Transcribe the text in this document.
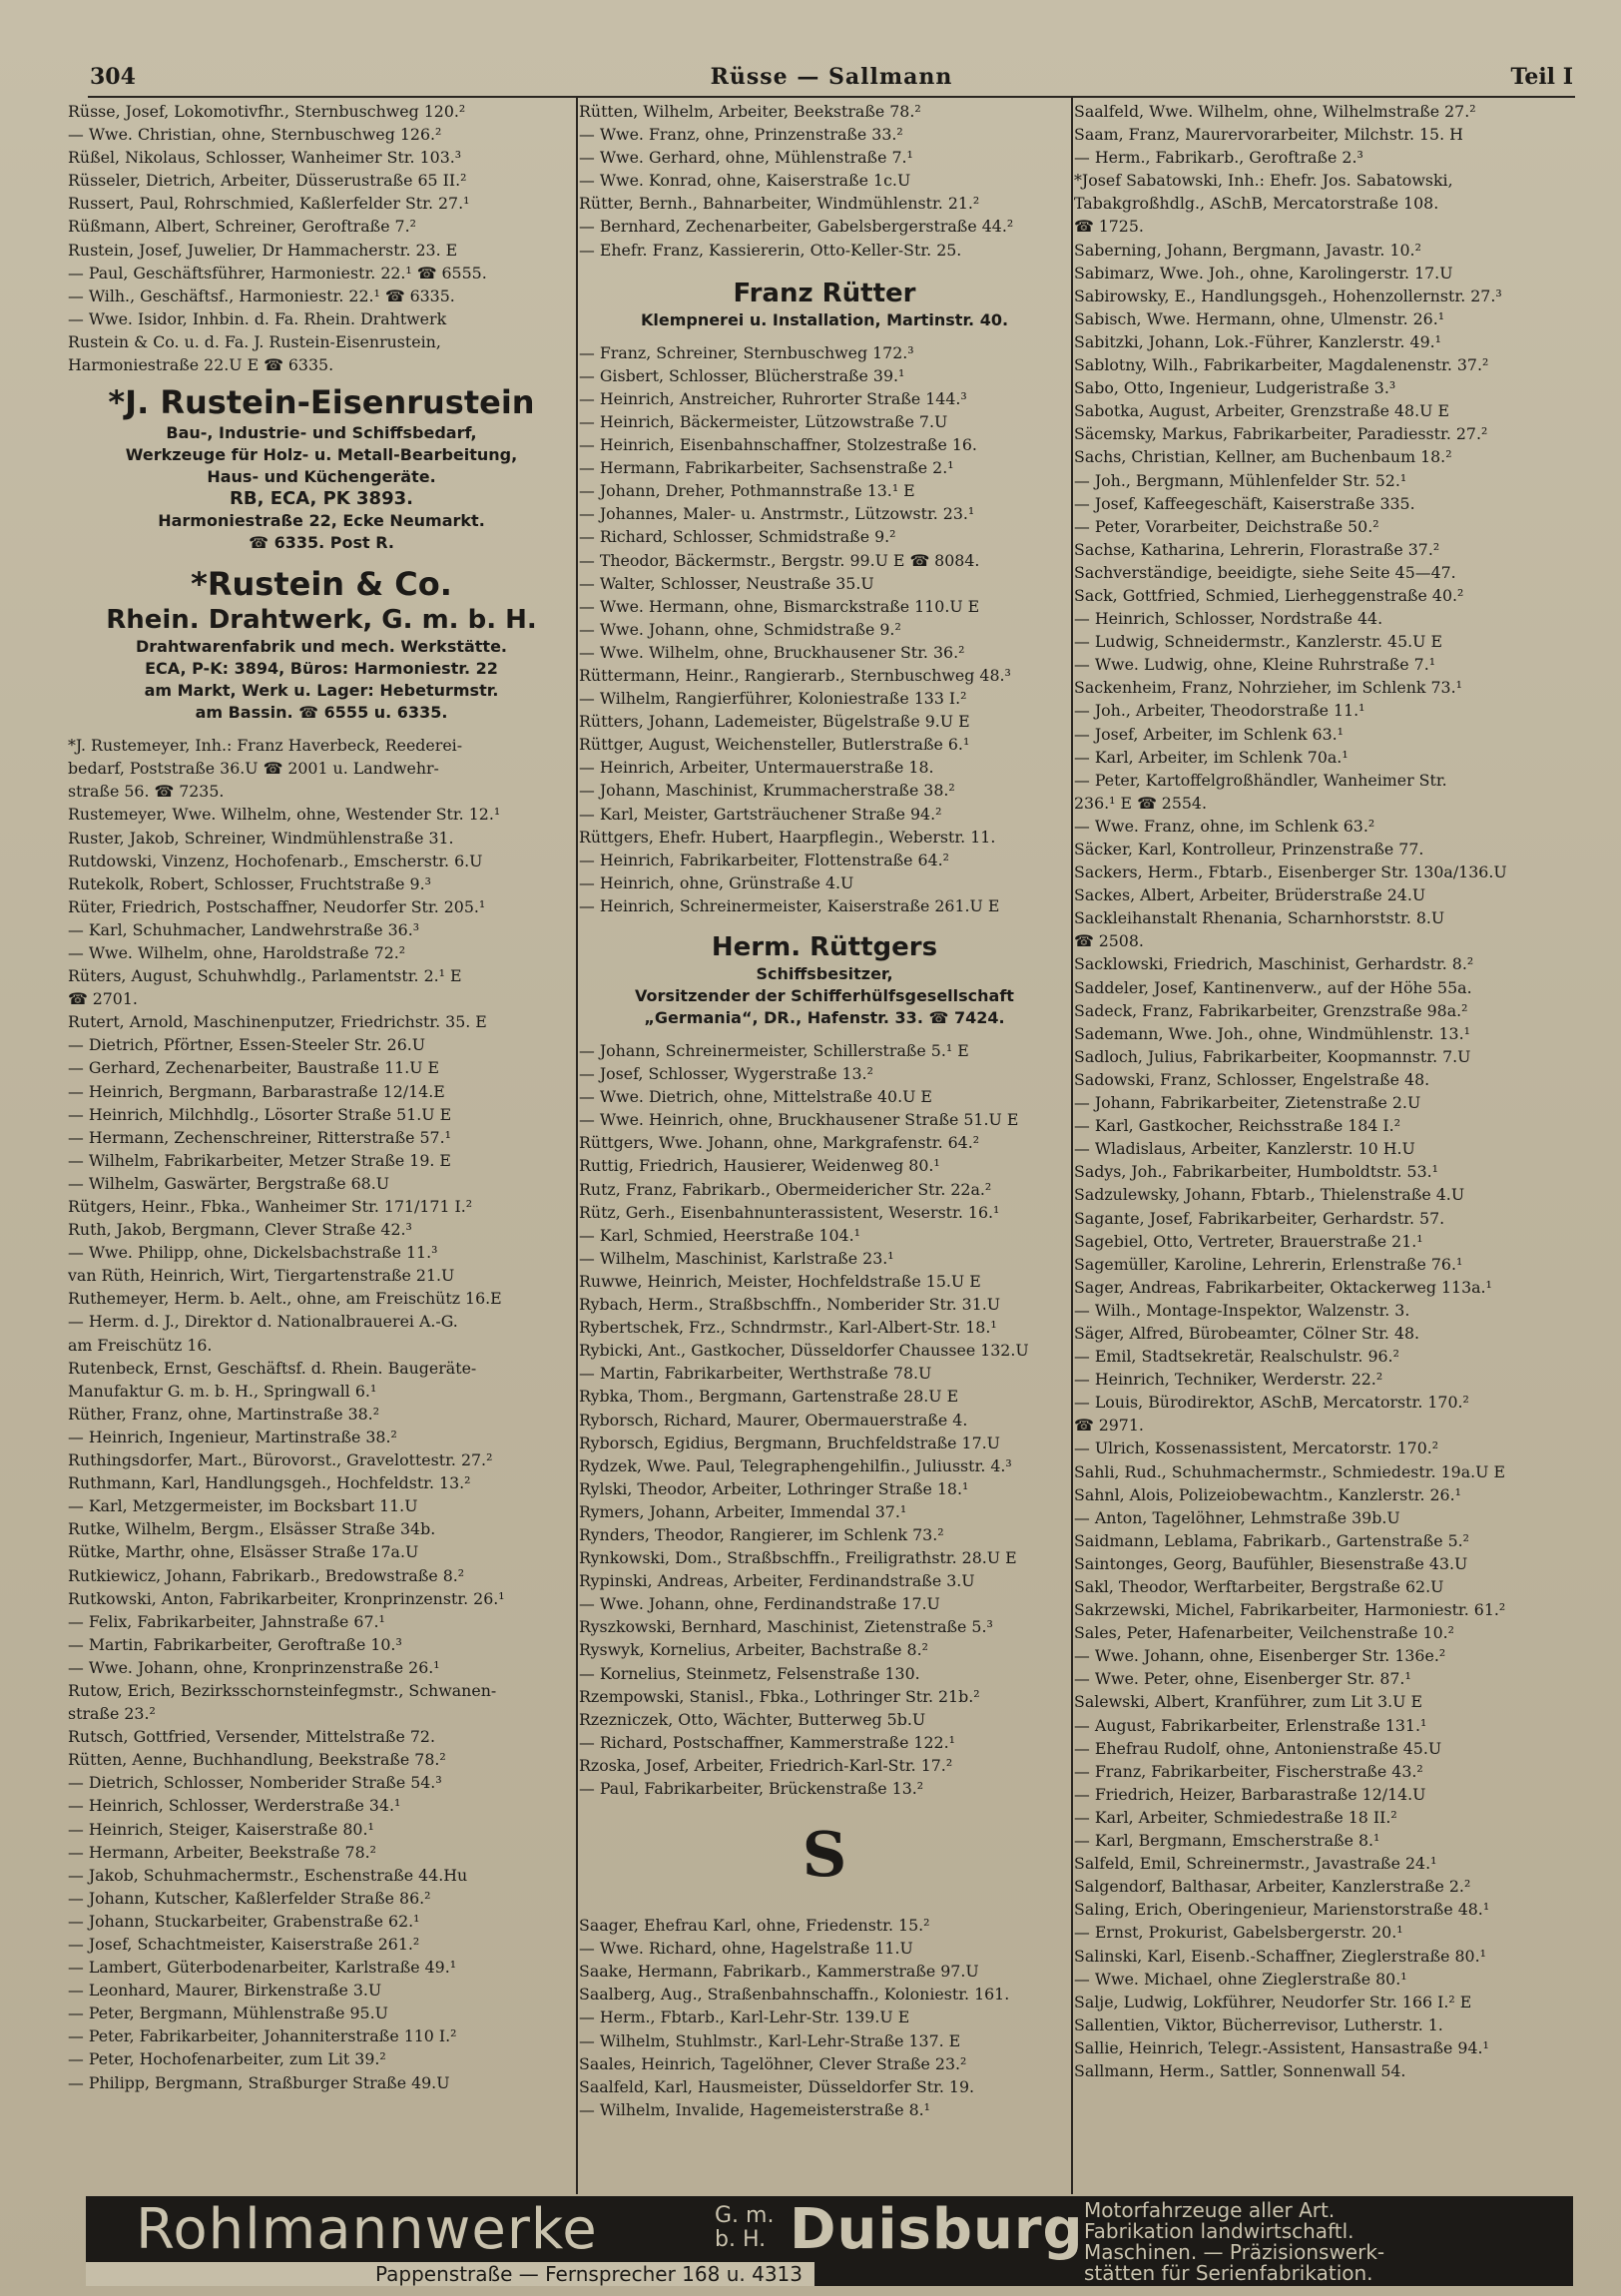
304	Rüsse — Sallmann	Teil I
Rüsse, Josef, Lokomotivfhr., Sternbuschweg 120.²
— Wwe. Christian, ohne, Sternbuschweg 126.²
Rüßel, Nikolaus, Schlosser, Wanheimer Str. 103.³
Rüsseler, Dietrich, Arbeiter, Düsserustraße 65 II.²
Russert, Paul, Rohrschmied, Kaßlerfelder Str. 27.¹
Rüßmann, Albert, Schreiner, Geroftraße 7.²
Rustein, Josef, Juwelier, Dr Hammacherstr. 23. E
— Paul, Geschäftsführer, Harmoniestr. 22.¹ ☎ 6555.
— Wilh., Geschäftsf., Harmoniestr. 22.¹ ☎ 6335.
— Wwe. Isidor, Inhbin. d. Fa. Rhein. Drahtwerk
Rustein & Co. u. d. Fa. J. Rustein-Eisenrustein,
Harmoniestraße 22.U E ☎ 6335.
*J. Rustein-Eisenrustein
Bau-, Industrie- und Schiffsbedarf,
Werkzeuge für Holz- u. Metall-Bearbeitung,
Haus- und Küchengeräte.
RB, ECA, PK 3893.
Harmoniestraße 22, Ecke Neumarkt.
☎ 6335. Post R.
*Rustein & Co.
Rhein. Drahtwerk, G. m. b. H.
Drahtwarenfabrik und mech. Werkstätte.
ECA, P-K: 3894, Büros: Harmoniestr. 22
am Markt, Werk u. Lager: Hebeturmstr.
am Bassin. ☎ 6555 u. 6335.
*J. Rustemeyer, Inh.: Franz Haverbeck, Reederei-
bedarf, Poststraße 36.U ☎ 2001 u. Landwehr-
straße 56. ☎ 7235.
Rustemeyer, Wwe. Wilhelm, ohne, Westender Str. 12.¹
Ruster, Jakob, Schreiner, Windmühlenstraße 31.
Rutdowski, Vinzenz, Hochofenarb., Emscherstr. 6.U
Rutekolk, Robert, Schlosser, Fruchtstraße 9.³
Rüter, Friedrich, Postschaffner, Neudorfer Str. 205.¹
— Karl, Schuhmacher, Landwehrstraße 36.³
— Wwe. Wilhelm, ohne, Haroldstraße 72.²
Rüters, August, Schuhwhdlg., Parlamentstr. 2.¹ E
☎ 2701.
Rutert, Arnold, Maschinenputzer, Friedrichstr. 35. E
— Dietrich, Pförtner, Essen-Steeler Str. 26.U
— Gerhard, Zechenarbeiter, Baustraße 11.U E
— Heinrich, Bergmann, Barbarastraße 12/14.E
— Heinrich, Milchhdlg., Lösorter Straße 51.U E
— Hermann, Zechenschreiner, Ritterstraße 57.¹
— Wilhelm, Fabrikarbeiter, Metzer Straße 19. E
— Wilhelm, Gaswärter, Bergstraße 68.U
Rütgers, Heinr., Fbka., Wanheimer Str. 171/171 I.²
Ruth, Jakob, Bergmann, Clever Straße 42.³
— Wwe. Philipp, ohne, Dickelsbachstraße 11.³
van Rüth, Heinrich, Wirt, Tiergartenstraße 21.U
Ruthemeyer, Herm. b. Aelt., ohne, am Freischütz 16.E
— Herm. d. J., Direktor d. Nationalbrauerei A.-G.
am Freischütz 16.
Rutenbeck, Ernst, Geschäftsf. d. Rhein. Baugeräte-
Manufaktur G. m. b. H., Springwall 6.¹
Rüther, Franz, ohne, Martinstraße 38.²
— Heinrich, Ingenieur, Martinstraße 38.²
Ruthingsdorfer, Mart., Bürovorst., Gravelottestr. 27.²
Ruthmann, Karl, Handlungsgeh., Hochfeldstr. 13.²
— Karl, Metzgermeister, im Bocksbart 11.U
Rutke, Wilhelm, Bergm., Elsässer Straße 34b.
Rütke, Marthr, ohne, Elsässer Straße 17a.U
Rutkiewicz, Johann, Fabrikarb., Bredowstraße 8.²
Rutkowski, Anton, Fabrikarbeiter, Kronprinzenstr. 26.¹
— Felix, Fabrikarbeiter, Jahnstraße 67.¹
— Martin, Fabrikarbeiter, Geroftraße 10.³
— Wwe. Johann, ohne, Kronprinzenstraße 26.¹
Rutow, Erich, Bezirksschornsteinfegmstr., Schwanen-
straße 23.²
Rutsch, Gottfried, Versender, Mittelstraße 72.
Rütten, Aenne, Buchhandlung, Beekstraße 78.²
— Dietrich, Schlosser, Nomberider Straße 54.³
— Heinrich, Schlosser, Werderstraße 34.¹
— Heinrich, Steiger, Kaiserstraße 80.¹
— Hermann, Arbeiter, Beekstraße 78.²
— Jakob, Schuhmachermstr., Eschenstraße 44.Hu
— Johann, Kutscher, Kaßlerfelder Straße 86.²
— Johann, Stuckarbeiter, Grabenstraße 62.¹
— Josef, Schachtmeister, Kaiserstraße 261.²
— Lambert, Güterbodenarbeiter, Karlstraße 49.¹
— Leonhard, Maurer, Birkenstraße 3.U
— Peter, Bergmann, Mühlenstraße 95.U
— Peter, Fabrikarbeiter, Johanniterstraße 110 I.²
— Peter, Hochofenarbeiter, zum Lit 39.²
— Philipp, Bergmann, Straßburger Straße 49.U
Rütten, Wilhelm, Arbeiter, Beekstraße 78.²
— Wwe. Franz, ohne, Prinzenstraße 33.²
— Wwe. Gerhard, ohne, Mühlenstraße 7.¹
— Wwe. Konrad, ohne, Kaiserstraße 1c.U
Rütter, Bernh., Bahnarbeiter, Windmühlenstr. 21.²
— Bernhard, Zechenarbeiter, Gabelsbergerstraße 44.²
— Ehefr. Franz, Kassiererin, Otto-Keller-Str. 25.
Franz Rütter
Klempnerei u. Installation, Martinstr. 40.
— Franz, Schreiner, Sternbuschweg 172.³
— Gisbert, Schlosser, Blücherstraße 39.¹
— Heinrich, Anstreicher, Ruhrorter Straße 144.³
— Heinrich, Bäckermeister, Lützowstraße 7.U
— Heinrich, Eisenbahnschaffner, Stolzestraße 16.
— Hermann, Fabrikarbeiter, Sachsenstraße 2.¹
— Johann, Dreher, Pothmannstraße 13.¹ E
— Johannes, Maler- u. Anstrmstr., Lützowstr. 23.¹
— Richard, Schlosser, Schmidstraße 9.²
— Theodor, Bäckermstr., Bergstr. 99.U E ☎ 8084.
— Walter, Schlosser, Neustraße 35.U
— Wwe. Hermann, ohne, Bismarckstraße 110.U E
— Wwe. Johann, ohne, Schmidstraße 9.²
— Wwe. Wilhelm, ohne, Bruckhausener Str. 36.²
Rüttermann, Heinr., Rangierarb., Sternbuschweg 48.³
— Wilhelm, Rangierführer, Koloniestraße 133 I.²
Rütters, Johann, Lademeister, Bügelstraße 9.U E
Rüttger, August, Weichensteller, Butlerstraße 6.¹
— Heinrich, Arbeiter, Untermauerstraße 18.
— Johann, Maschinist, Krummacherstraße 38.²
— Karl, Meister, Gartsträuchener Straße 94.²
Rüttgers, Ehefr. Hubert, Haarpflegin., Weberstr. 11.
— Heinrich, Fabrikarbeiter, Flottenstraße 64.²
— Heinrich, ohne, Grünstraße 4.U
— Heinrich, Schreinermeister, Kaiserstraße 261.U E
Herm. Rüttgers
Schiffsbesitzer,
Vorsitzender der Schifferhülfsgesellschaft
„Germania“, DR., Hafenstr. 33. ☎ 7424.
— Johann, Schreinermeister, Schillerstraße 5.¹ E
— Josef, Schlosser, Wygerstraße 13.²
— Wwe. Dietrich, ohne, Mittelstraße 40.U E
— Wwe. Heinrich, ohne, Bruckhausener Straße 51.U E
Rüttgers, Wwe. Johann, ohne, Markgrafenstr. 64.²
Ruttig, Friedrich, Hausierer, Weidenweg 80.¹
Rutz, Franz, Fabrikarb., Obermeidericher Str. 22a.²
Rütz, Gerh., Eisenbahnunterassistent, Weserstr. 16.¹
— Karl, Schmied, Heerstraße 104.¹
— Wilhelm, Maschinist, Karlstraße 23.¹
Ruwwe, Heinrich, Meister, Hochfeldstraße 15.U E
Rybach, Herm., Straßbschffn., Nomberider Str. 31.U
Rybertschek, Frz., Schndrmstr., Karl-Albert-Str. 18.¹
Rybicki, Ant., Gastkocher, Düsseldorfer Chaussee 132.U
— Martin, Fabrikarbeiter, Werthstraße 78.U
Rybka, Thom., Bergmann, Gartenstraße 28.U E
Ryborsch, Richard, Maurer, Obermauerstraße 4.
Ryborsch, Egidius, Bergmann, Bruchfeldstraße 17.U
Rydzek, Wwe. Paul, Telegraphengehilfin., Juliusstr. 4.³
Rylski, Theodor, Arbeiter, Lothringer Straße 18.¹
Rymers, Johann, Arbeiter, Immendal 37.¹
Rynders, Theodor, Rangierer, im Schlenk 73.²
Rynkowski, Dom., Straßbschffn., Freiligrathstr. 28.U E
Rypinski, Andreas, Arbeiter, Ferdinandstraße 3.U
— Wwe. Johann, ohne, Ferdinandstraße 17.U
Ryszkowski, Bernhard, Maschinist, Zietenstraße 5.³
Ryswyk, Kornelius, Arbeiter, Bachstraße 8.²
— Kornelius, Steinmetz, Felsenstraße 130.
Rzempowski, Stanisl., Fbka., Lothringer Str. 21b.²
Rzezniczek, Otto, Wächter, Butterweg 5b.U
— Richard, Postschaffner, Kammerstraße 122.¹
Rzoska, Josef, Arbeiter, Friedrich-Karl-Str. 17.²
— Paul, Fabrikarbeiter, Brückenstraße 13.²
S
Saager, Ehefrau Karl, ohne, Friedenstr. 15.²
— Wwe. Richard, ohne, Hagelstraße 11.U
Saake, Hermann, Fabrikarb., Kammerstraße 97.U
Saalberg, Aug., Straßenbahnschaffn., Koloniestr. 161.
— Herm., Fbtarb., Karl-Lehr-Str. 139.U E
— Wilhelm, Stuhlmstr., Karl-Lehr-Straße 137. E
Saales, Heinrich, Tagelöhner, Clever Straße 23.²
Saalfeld, Karl, Hausmeister, Düsseldorfer Str. 19.
— Wilhelm, Invalide, Hagemeisterstraße 8.¹
Saalfeld, Wwe. Wilhelm, ohne, Wilhelmstraße 27.²
Saam, Franz, Maurervorarbeiter, Milchstr. 15. H
— Herm., Fabrikarb., Geroftraße 2.³
*Josef Sabatowski, Inh.: Ehefr. Jos. Sabatowski,
Tabakgroßhdlg., ASchB, Mercatorstraße 108.
☎ 1725.
Saberning, Johann, Bergmann, Javastr. 10.²
Sabimarz, Wwe. Joh., ohne, Karolingerstr. 17.U
Sabirowsky, E., Handlungsgeh., Hohenzollernstr. 27.³
Sabisch, Wwe. Hermann, ohne, Ulmenstr. 26.¹
Sabitzki, Johann, Lok.-Führer, Kanzlerstr. 49.¹
Sablotny, Wilh., Fabrikarbeiter, Magdalenenstr. 37.²
Sabo, Otto, Ingenieur, Ludgeristraße 3.³
Sabotka, August, Arbeiter, Grenzstraße 48.U E
Säcemsky, Markus, Fabrikarbeiter, Paradiesstr. 27.²
Sachs, Christian, Kellner, am Buchenbaum 18.²
— Joh., Bergmann, Mühlenfelder Str. 52.¹
— Josef, Kaffeegeschäft, Kaiserstraße 335.
— Peter, Vorarbeiter, Deichstraße 50.²
Sachse, Katharina, Lehrerin, Florastraße 37.²
Sachverständige, beeidigte, siehe Seite 45—47.
Sack, Gottfried, Schmied, Lierheggenstraße 40.²
— Heinrich, Schlosser, Nordstraße 44.
— Ludwig, Schneidermstr., Kanzlerstr. 45.U E
— Wwe. Ludwig, ohne, Kleine Ruhrstraße 7.¹
Sackenheim, Franz, Nohrzieher, im Schlenk 73.¹
— Joh., Arbeiter, Theodorstraße 11.¹
— Josef, Arbeiter, im Schlenk 63.¹
— Karl, Arbeiter, im Schlenk 70a.¹
— Peter, Kartoffelgroßhändler, Wanheimer Str.
236.¹ E ☎ 2554.
— Wwe. Franz, ohne, im Schlenk 63.²
Säcker, Karl, Kontrolleur, Prinzenstraße 77.
Sackers, Herm., Fbtarb., Eisenberger Str. 130a/136.U
Sackes, Albert, Arbeiter, Brüderstraße 24.U
Sackleihanstalt Rhenania, Scharnhorststr. 8.U
☎ 2508.
Sacklowski, Friedrich, Maschinist, Gerhardstr. 8.²
Saddeler, Josef, Kantinenverw., auf der Höhe 55a.
Sadeck, Franz, Fabrikarbeiter, Grenzstraße 98a.²
Sademann, Wwe. Joh., ohne, Windmühlenstr. 13.¹
Sadloch, Julius, Fabrikarbeiter, Koopmannstr. 7.U
Sadowski, Franz, Schlosser, Engelstraße 48.
— Johann, Fabrikarbeiter, Zietenstraße 2.U
— Karl, Gastkocher, Reichsstraße 184 I.²
— Wladislaus, Arbeiter, Kanzlerstr. 10 H.U
Sadys, Joh., Fabrikarbeiter, Humboldtstr. 53.¹
Sadzulewsky, Johann, Fbtarb., Thielenstraße 4.U
Sagante, Josef, Fabrikarbeiter, Gerhardstr. 57.
Sagebiel, Otto, Vertreter, Brauerstraße 21.¹
Sagemüller, Karoline, Lehrerin, Erlenstraße 76.¹
Sager, Andreas, Fabrikarbeiter, Oktackerweg 113a.¹
— Wilh., Montage-Inspektor, Walzenstr. 3.
Säger, Alfred, Bürobeamter, Cölner Str. 48.
— Emil, Stadtsekretär, Realschulstr. 96.²
— Heinrich, Techniker, Werderstr. 22.²
— Louis, Bürodirektor, ASchB, Mercatorstr. 170.²
☎ 2971.
— Ulrich, Kossenassistent, Mercatorstr. 170.²
Sahli, Rud., Schuhmachermstr., Schmiedestr. 19a.U E
Sahnl, Alois, Polizeiobewachtm., Kanzlerstr. 26.¹
— Anton, Tagelöhner, Lehmstraße 39b.U
Saidmann, Leblama, Fabrikarb., Gartenstraße 5.²
Saintonges, Georg, Baufühler, Biesenstraße 43.U
Sakl, Theodor, Werftarbeiter, Bergstraße 62.U
Sakrzewski, Michel, Fabrikarbeiter, Harmoniestr. 61.²
Sales, Peter, Hafenarbeiter, Veilchenstraße 10.²
— Wwe. Johann, ohne, Eisenberger Str. 136e.²
— Wwe. Peter, ohne, Eisenberger Str. 87.¹
Salewski, Albert, Kranführer, zum Lit 3.U E
— August, Fabrikarbeiter, Erlenstraße 131.¹
— Ehefrau Rudolf, ohne, Antonienstraße 45.U
— Franz, Fabrikarbeiter, Fischerstraße 43.²
— Friedrich, Heizer, Barbarastraße 12/14.U
— Karl, Arbeiter, Schmiedestraße 18 II.²
— Karl, Bergmann, Emscherstraße 8.¹
Salfeld, Emil, Schreinermstr., Javastraße 24.¹
Salgendorf, Balthasar, Arbeiter, Kanzlerstraße 2.²
Saling, Erich, Oberingenieur, Marienstorstraße 48.¹
— Ernst, Prokurist, Gabelsbergerstr. 20.¹
Salinski, Karl, Eisenb.-Schaffner, Zieglerstraße 80.¹
— Wwe. Michael, ohne Zieglerstraße 80.¹
Salje, Ludwig, Lokführer, Neudorfer Str. 166 I.² E
Sallentien, Viktor, Bücherrevisor, Lutherstr. 1.
Sallie, Heinrich, Telegr.-Assistent, Hansastraße 94.¹
Sallmann, Herm., Sattler, Sonnenwall 54.
Rohlmannwerke	G. m.
b. H. Duisburg Motorfahrzeuge aller Art.
Fabrikation landwirtschaftl.
Maschinen. — Präzisionswerk-
stätten für Serienfabrikation.
Pappenstraße — Fernsprecher 168 u. 4313
